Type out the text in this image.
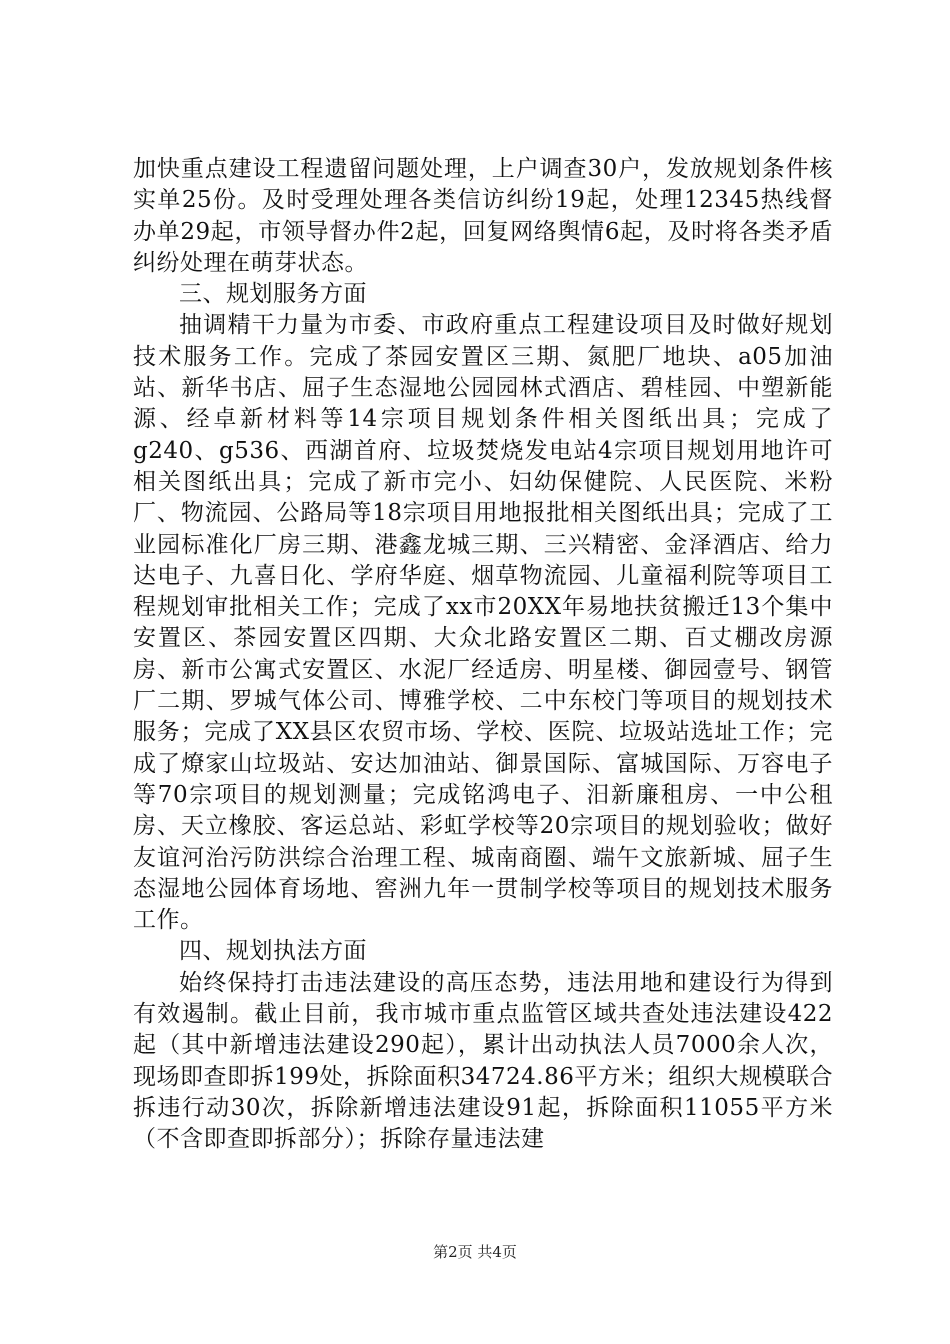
加快重点建设工程遗留问题处理，上户调查30户，发放规划条件核实单25份。及时受理处理各类信访纠纷19起，处理12345热线督办单29起，市领导督办件2起，回复网络舆情6起，及时将各类矛盾纠纷处理在萌芽状态。

三、规划服务方面

抽调精干力量为市委、市政府重点工程建设项目及时做好规划技术服务工作。完成了茶园安置区三期、氮肥厂地块、a05加油站、新华书店、屈子生态湿地公园园林式酒店、碧桂园、中塑新能源、经卓新材料等14宗项目规划条件相关图纸出具；完成了g240、g536、西湖首府、垃圾焚烧发电站4宗项目规划用地许可相关图纸出具；完成了新市完小、妇幼保健院、人民医院、米粉厂、物流园、公路局等18宗项目用地报批相关图纸出具；完成了工业园标准化厂房三期、港鑫龙城三期、三兴精密、金泽酒店、给力达电子、九喜日化、学府华庭、烟草物流园、儿童福利院等项目工程规划审批相关工作；完成了xx市20XX年易地扶贫搬迁13个集中安置区、茶园安置区四期、大众北路安置区二期、百丈棚改房源房、新市公寓式安置区、水泥厂经适房、明星楼、御园壹号、钢管厂二期、罗城气体公司、博雅学校、二中东校门等项目的规划技术服务；完成了XX县区农贸市场、学校、医院、垃圾站选址工作；完成了燎家山垃圾站、安达加油站、御景国际、富城国际、万容电子等70宗项目的规划测量；完成铭鸿电子、汨新廉租房、一中公租房、天立橡胶、客运总站、彩虹学校等20宗项目的规划验收；做好友谊河治污防洪综合治理工程、城南商圈、端午文旅新城、屈子生态湿地公园体育场地、窖洲九年一贯制学校等项目的规划技术服务工作。

四、规划执法方面

始终保持打击违法建设的高压态势，违法用地和建设行为得到有效遏制。截止目前，我市城市重点监管区域共查处违法建设422起（其中新增违法建设290起），累计出动执法人员7000余人次，现场即查即拆199处，拆除面积34724.86平方米；组织大规模联合拆违行动30次，拆除新增违法建设91起，拆除面积11055平方米（不含即查即拆部分）；拆除存量违法建

第2页 共4页
